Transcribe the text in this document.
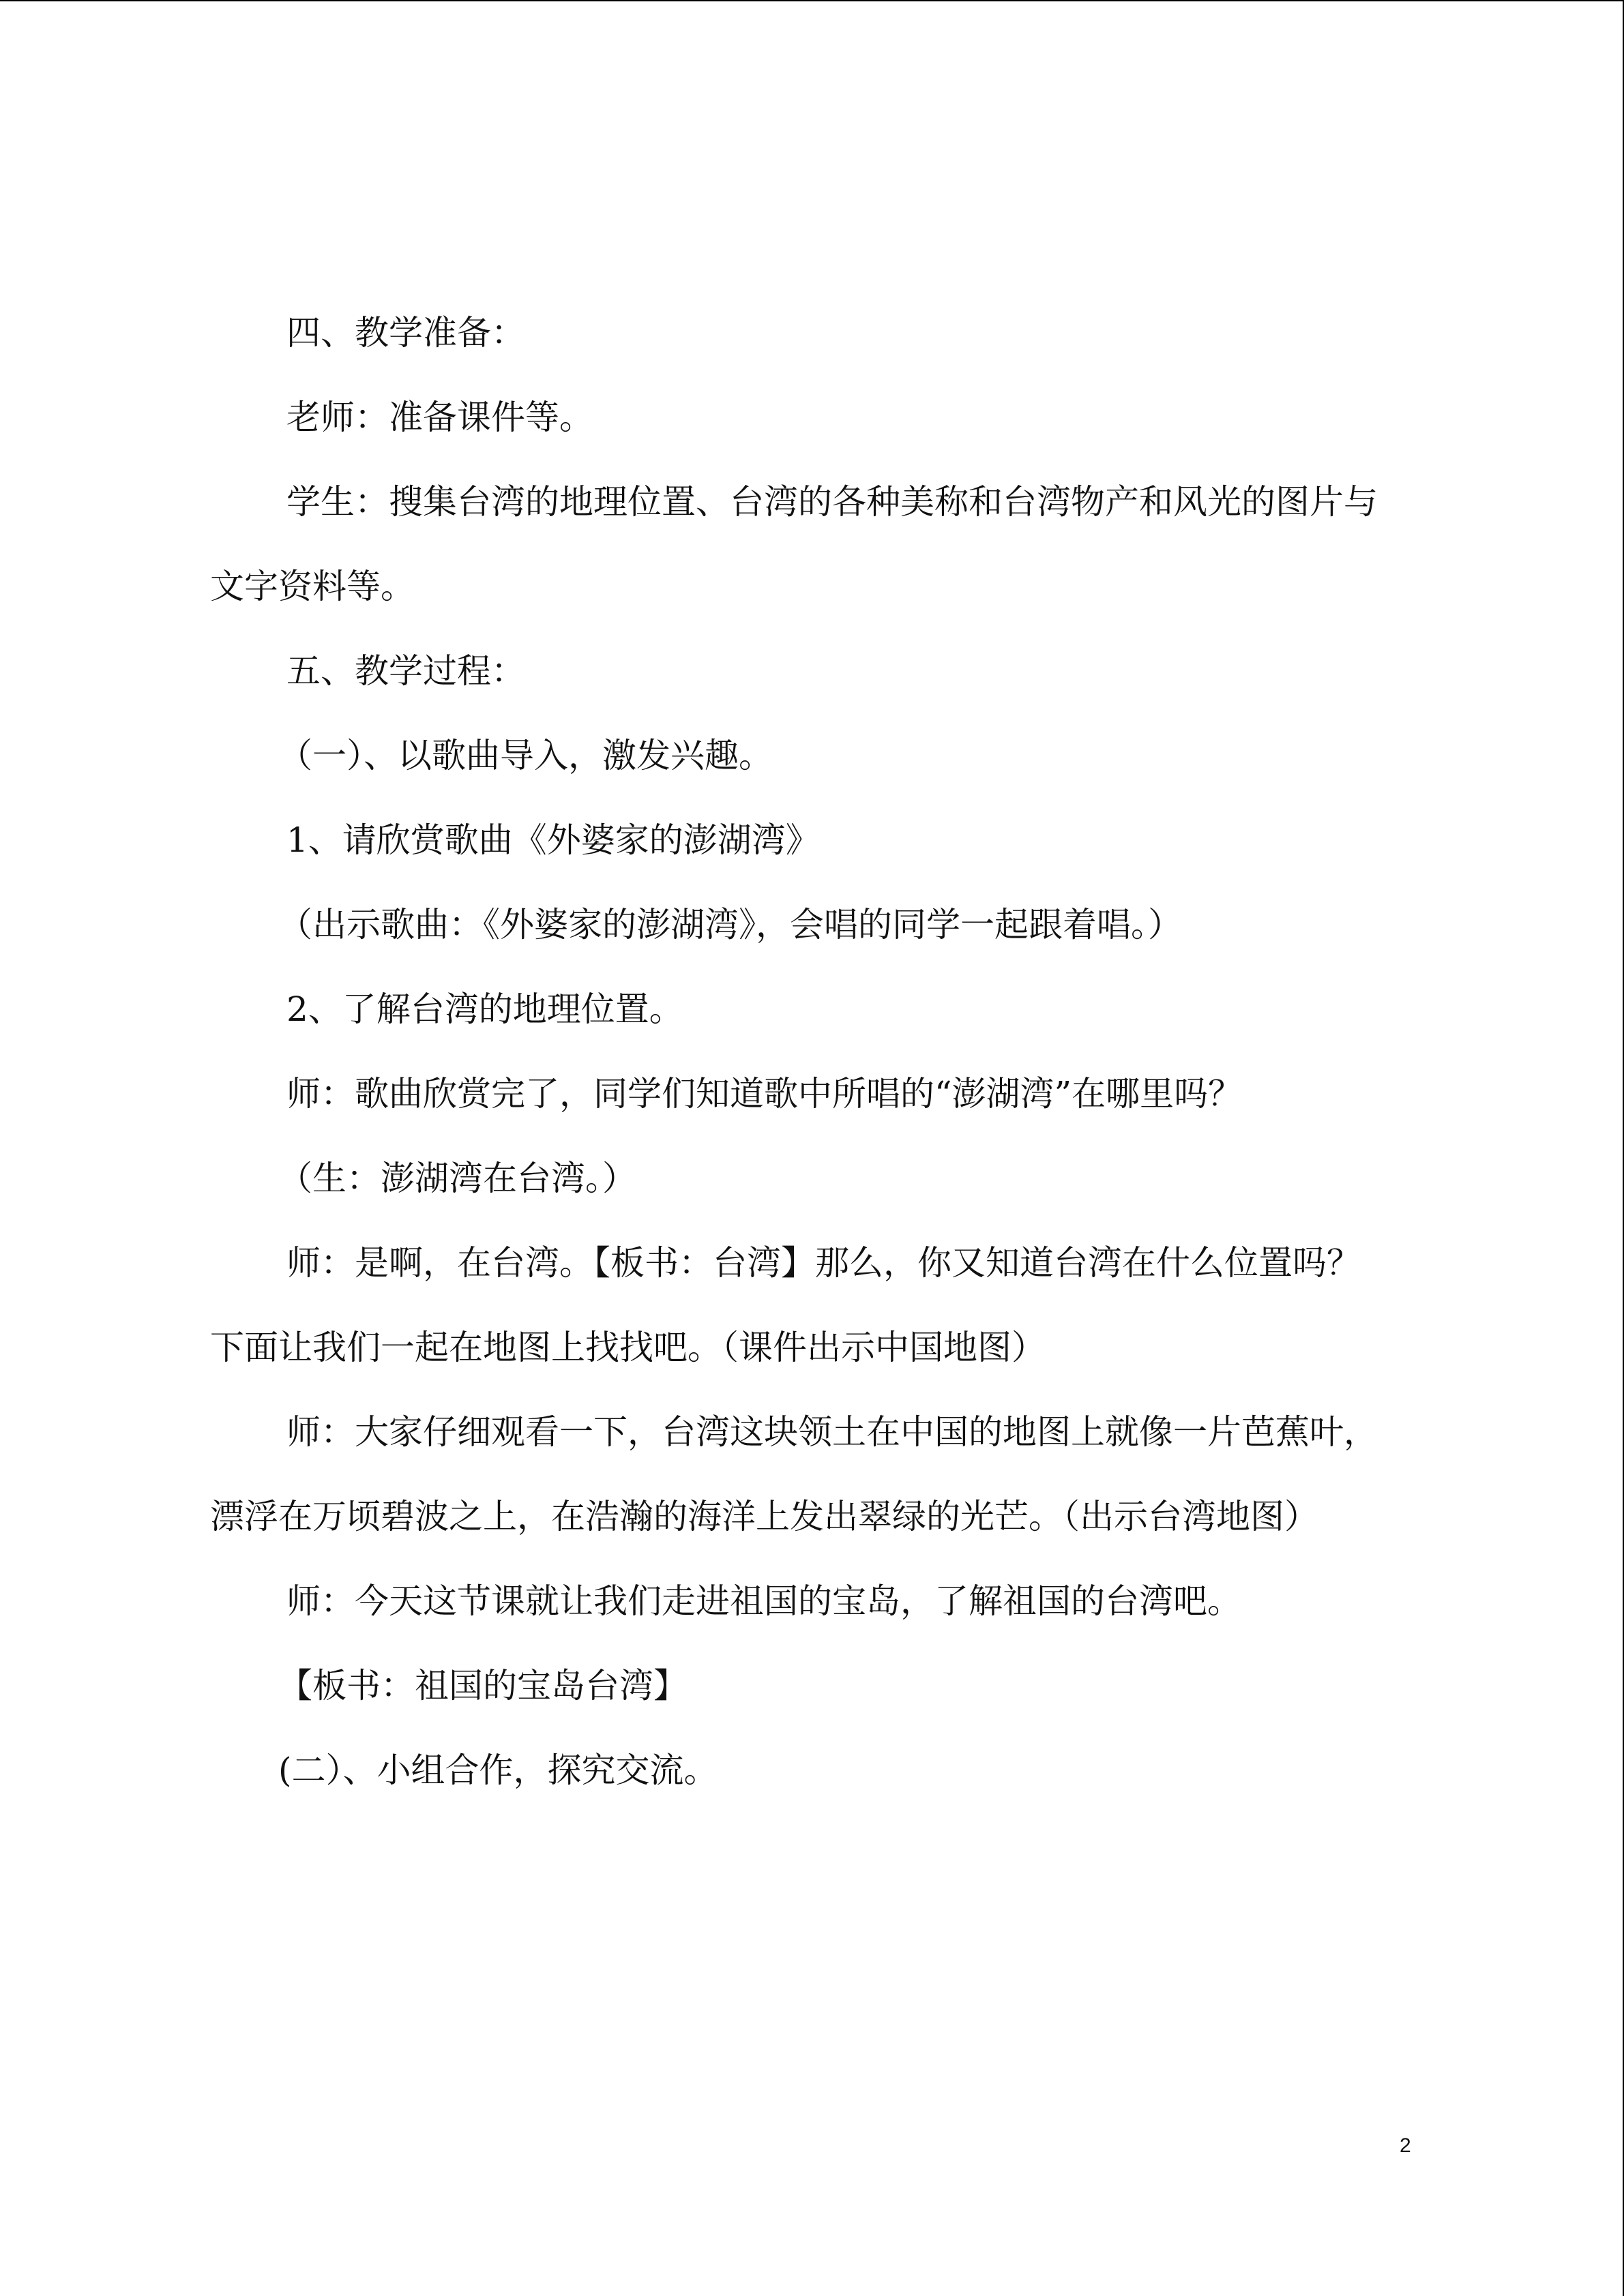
四、教学准备：

老师：准备课件等。

学生：搜集台湾的地理位置、台湾的各种美称和台湾物产和风光的图片与文字资料等。

五、教学过程：

（一）、以歌曲导入，激发兴趣。

1、请欣赏歌曲《外婆家的澎湖湾》

（出示歌曲：《外婆家的澎湖湾》，会唱的同学一起跟着唱。）

2、了解台湾的地理位置。

师：歌曲欣赏完了，同学们知道歌中所唱的“澎湖湾”在哪里吗？

（生：澎湖湾在台湾。）

师：是啊，在台湾。【板书：台湾】那么，你又知道台湾在什么位置吗？下面让我们一起在地图上找找吧。（课件出示中国地图）

师：大家仔细观看一下，台湾这块领土在中国的地图上就像一片芭蕉叶，漂浮在万顷碧波之上，在浩瀚的海洋上发出翠绿的光芒。（出示台湾地图）

师：今天这节课就让我们走进祖国的宝岛，了解祖国的台湾吧。

【板书：祖国的宝岛台湾】

(二）、小组合作，探究交流。

2
